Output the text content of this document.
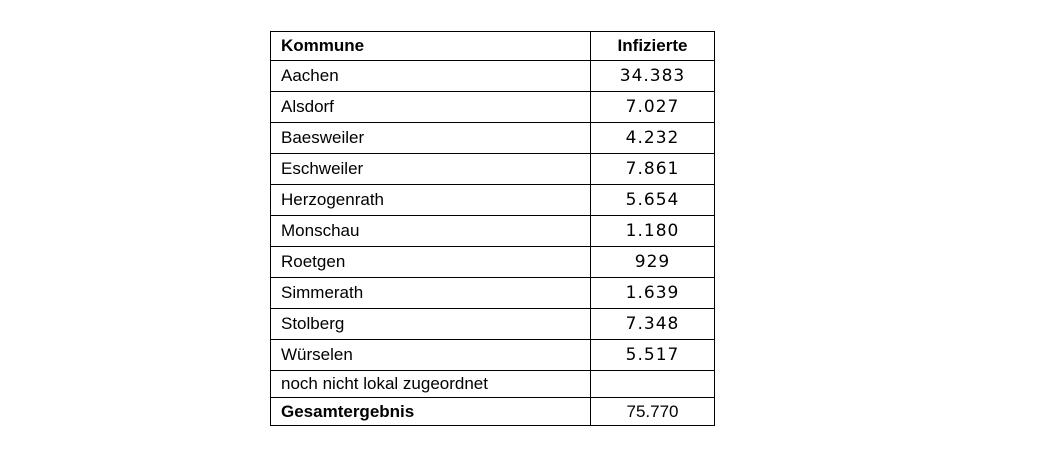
Kommune	Infizierte
Aachen	34.383
Alsdorf	7.027
Baesweiler	4.232
Eschweiler	7.861
Herzogenrath	5.654
Monschau	1.180
Roetgen	929
Simmerath	1.639
Stolberg	7.348
Würselen	5.517
noch nicht lokal zugeordnet	
Gesamtergebnis	75.770
